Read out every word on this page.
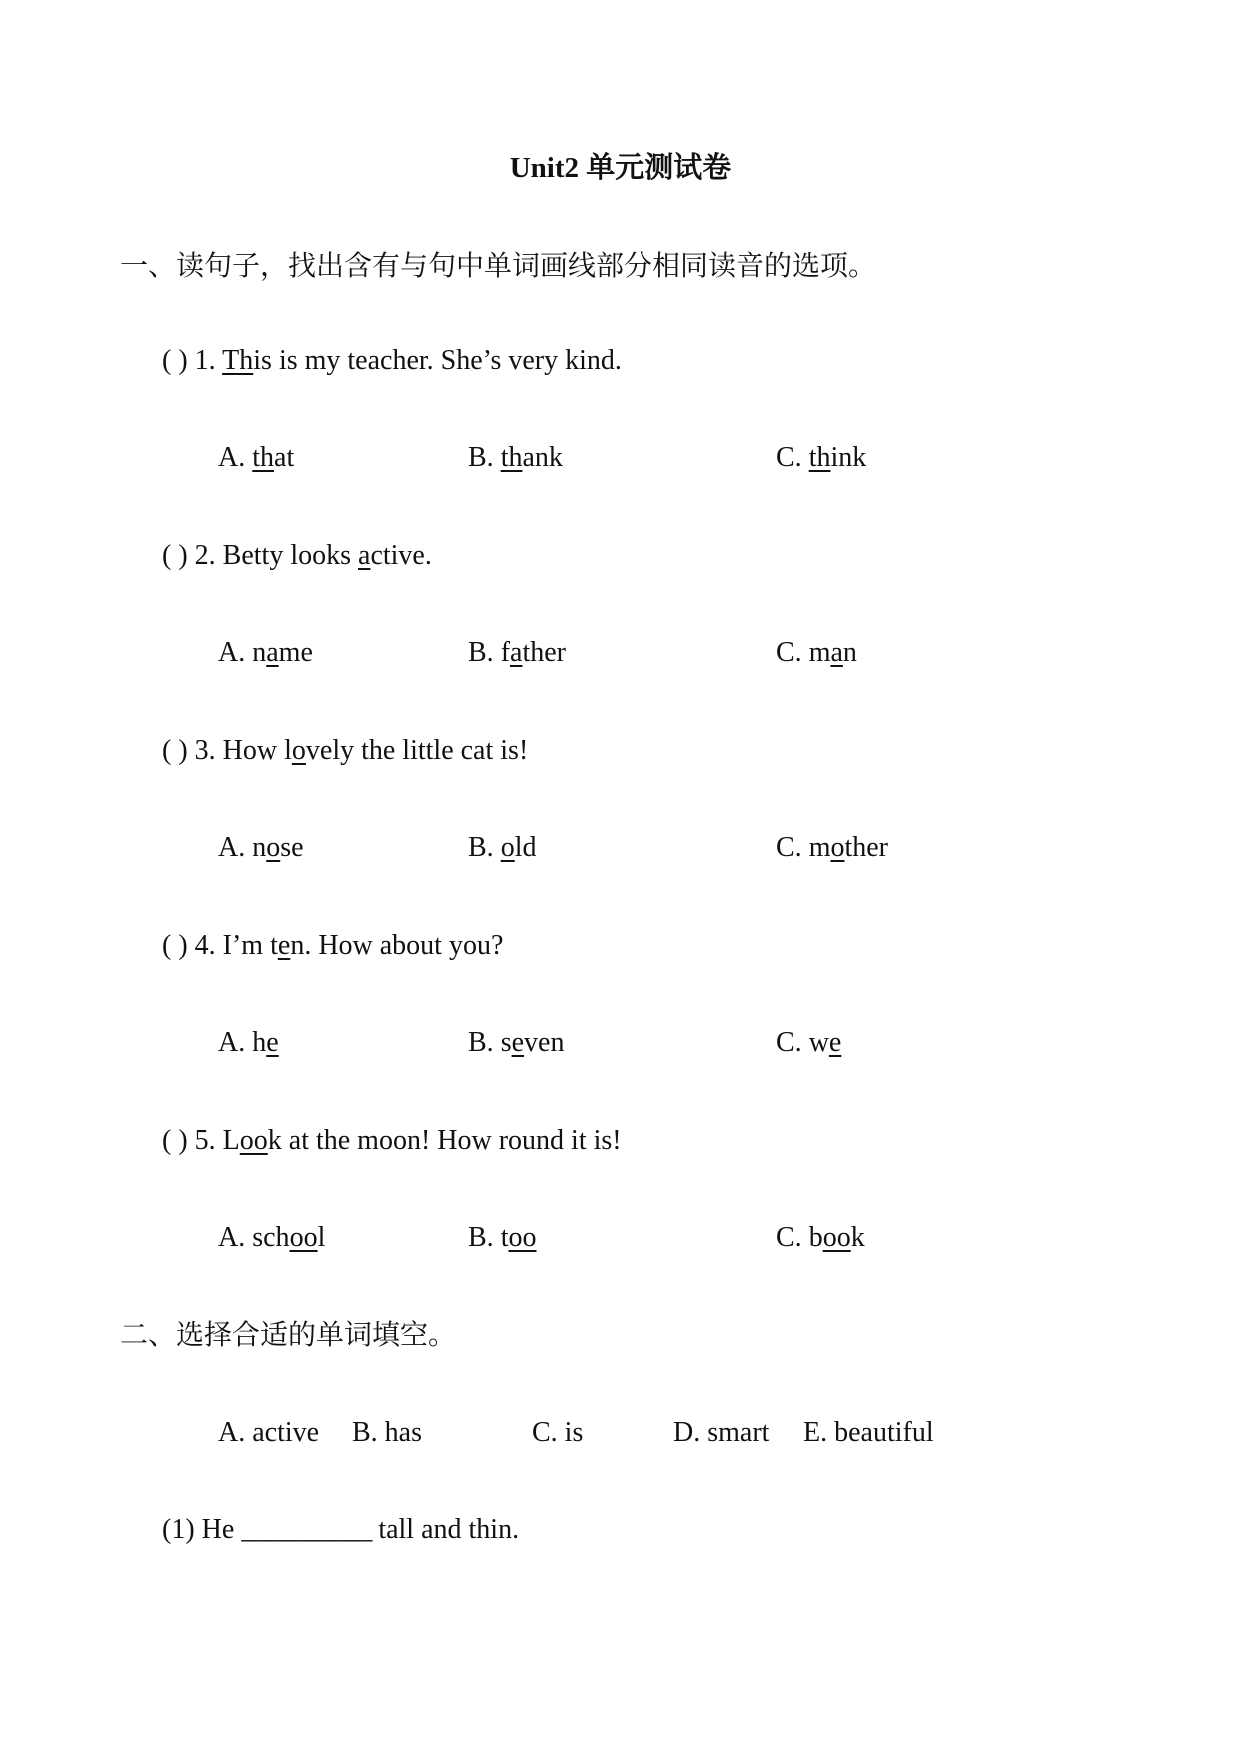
Unit2 单元测试卷
一、读句子，找出含有与句中单词画线部分相同读音的选项。
( ) 1. This is my teacher. She’s very kind.
A. that	B. thank	C. think
( ) 2. Betty looks active.
A. name	B. father	C. man
( ) 3. How lovely the little cat is!
A. nose	B. old	C. mother
( ) 4. I’m ten. How about you?
A. he	B. seven	C. we
( ) 5. Look at the moon! How round it is!
A. school	B. too	C. book
二、选择合适的单词填空。
A. active B. has	C. is	D. smart E. beautiful
(1) He __________ tall and thin.
